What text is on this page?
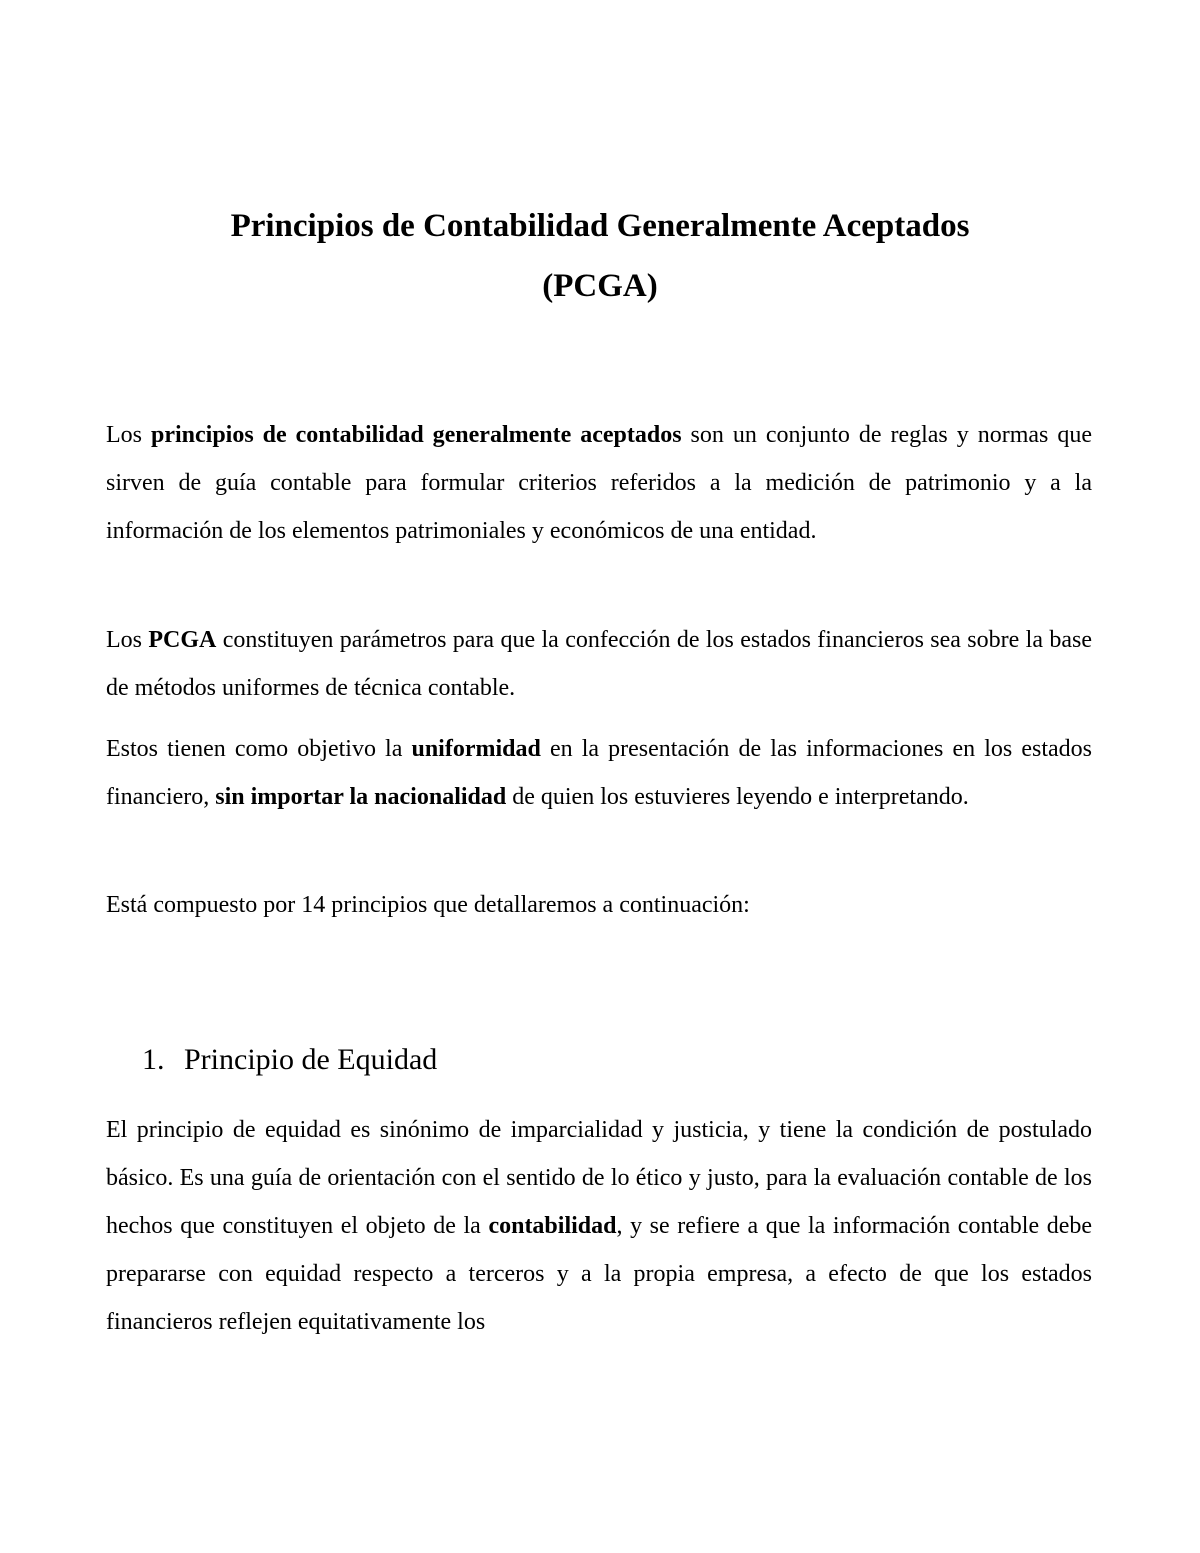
Principios de Contabilidad Generalmente Aceptados
(PCGA)

Los principios de contabilidad generalmente aceptados son un conjunto de reglas y normas que sirven de guía contable para formular criterios referidos a la medición de patrimonio y a la información de los elementos patrimoniales y económicos de una entidad.

Los PCGA constituyen parámetros para que la confección de los estados financieros sea sobre la base de métodos uniformes de técnica contable.

Estos tienen como objetivo la uniformidad en la presentación de las informaciones en los estados financiero, sin importar la nacionalidad de quien los estuvieres leyendo e interpretando.

Está compuesto por 14 principios que detallaremos a continuación:

1. Principio de Equidad

El principio de equidad es sinónimo de imparcialidad y justicia, y tiene la condición de postulado básico. Es una guía de orientación con el sentido de lo ético y justo, para la evaluación contable de los hechos que constituyen el objeto de la contabilidad, y se refiere a que la información contable debe prepararse con equidad respecto a terceros y a la propia empresa, a efecto de que los estados financieros reflejen equitativamente los
